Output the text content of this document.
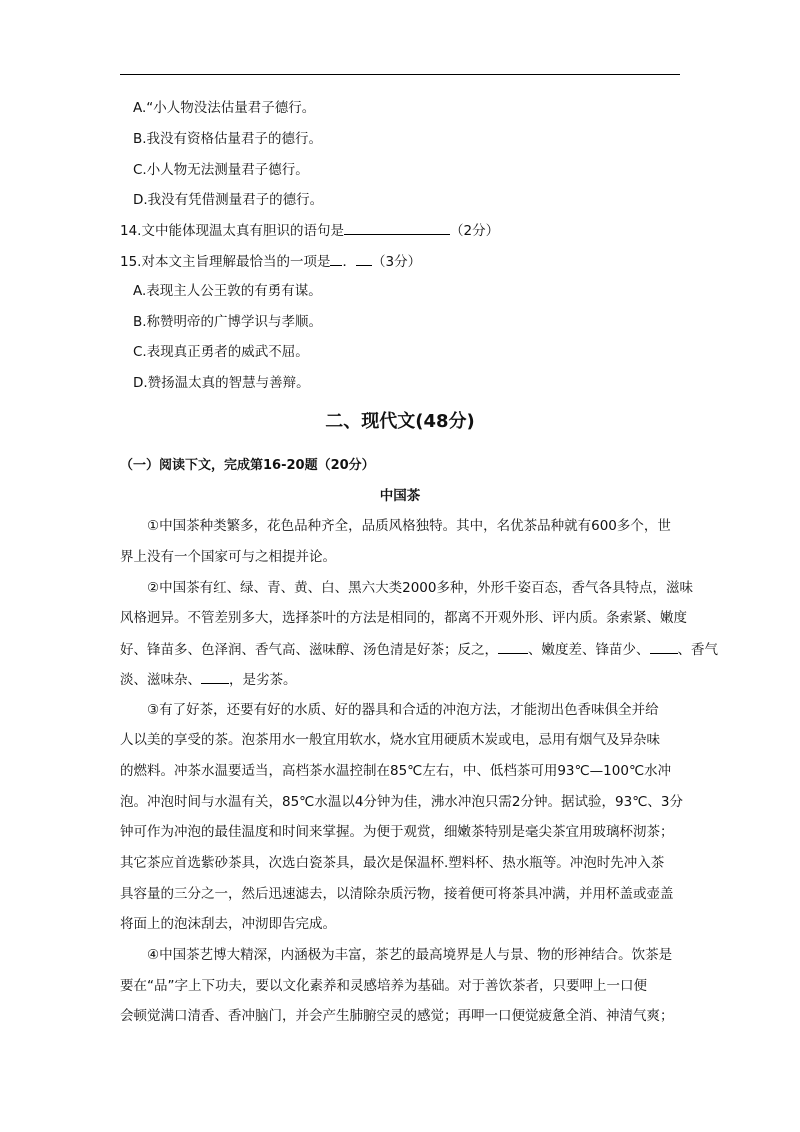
A.“小人物没法估量君子德行。
B.我没有资格估量君子的德行。
C.小人物无法测量君子德行。
D.我没有凭借测量君子的德行。
14.文中能体现温太真有胆识的语句是	（2分）
15.对本文主旨理解最恰当的一项是 ． （3分）
A.表现主人公王敦的有勇有谋。
B.称赞明帝的广博学识与孝顺。
C.表现真正勇者的威武不屈。
D.赞扬温太真的智慧与善辩。
二、现代文(48分)
（一）阅读下文，完成第16-20题（20分）
中国茶
①中国茶种类繁多，花色品种齐全，品质风格独特。其中，名优茶品种就有600多个，世
界上没有一个国家可与之相提并论。
②中国茶有红、绿、青、黄、白、黑六大类2000多种，外形千姿百态，香气各具特点，滋味
风格迥异。不管差别多大，选择茶叶的方法是相同的，都离不开观外形、评内质。条索紧、嫩度
好、锋苗多、色泽润、香气高、滋味醇、汤色清是好茶；反之， 、嫩度差、锋苗少、 、香气
淡、滋味杂、 ，是劣茶。
③有了好茶，还要有好的水质、好的器具和合适的冲泡方法，才能沏出色香味俱全并给
人以美的享受的茶。泡茶用水一般宜用软水，烧水宜用硬质木炭或电，忌用有烟气及异杂味
的燃料。冲茶水温要适当，高档茶水温控制在85℃左右，中、低档茶可用93℃—100℃水冲
泡。冲泡时间与水温有关，85℃水温以4分钟为佳，沸水冲泡只需2分钟。据试验，93℃、3分
钟可作为冲泡的最佳温度和时间来掌握。为便于观赏，细嫩茶特别是毫尖茶宜用玻璃杯沏茶；
其它茶应首选紫砂茶具，次选白瓷茶具，最次是保温杯.塑料杯、热水瓶等。冲泡时先冲入茶
具容量的三分之一，然后迅速滤去，以清除杂质污物，接着便可将茶具冲满，并用杯盖或壶盖
将面上的泡沫刮去，冲沏即告完成。
④中国茶艺博大精深，内涵极为丰富，茶艺的最高境界是人与景、物的形神结合。饮茶是
要在“品”字上下功夫，要以文化素养和灵感培养为基础。对于善饮茶者，只要呷上一口便
会顿觉满口清香、香冲脑门，并会产生肺腑空灵的感觉；再呷一口便觉疲惫全消、神清气爽；
